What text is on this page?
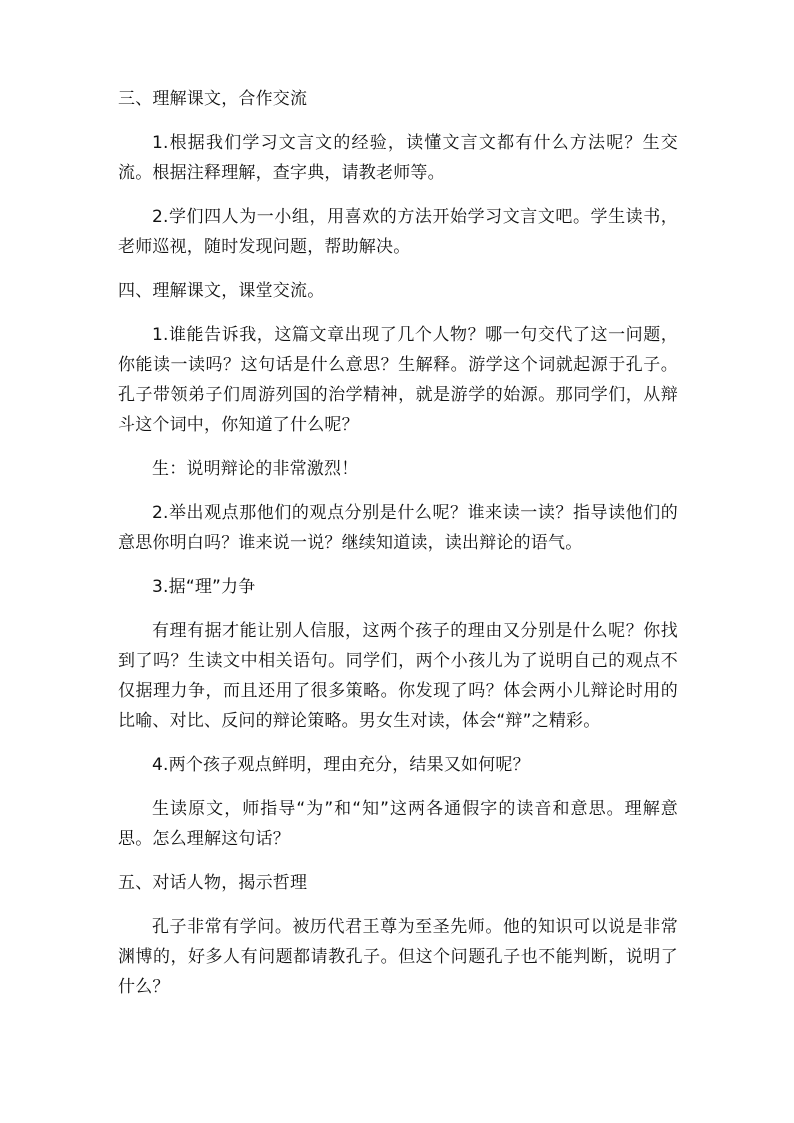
三、理解课文，合作交流

1.根据我们学习文言文的经验，读懂文言文都有什么方法呢？生交流。根据注释理解，查字典，请教老师等。

2.学们四人为一小组，用喜欢的方法开始学习文言文吧。学生读书，老师巡视，随时发现问题，帮助解决。

四、理解课文，课堂交流。

1.谁能告诉我，这篇文章出现了几个人物？哪一句交代了这一问题，你能读一读吗？这句话是什么意思？生解释。游学这个词就起源于孔子。孔子带领弟子们周游列国的治学精神，就是游学的始源。那同学们，从辩斗这个词中，你知道了什么呢？

生：说明辩论的非常激烈！

2.举出观点那他们的观点分别是什么呢？谁来读一读？指导读他们的意思你明白吗？谁来说一说？继续知道读，读出辩论的语气。

3.据“理”力争

有理有据才能让别人信服，这两个孩子的理由又分别是什么呢？你找到了吗？生读文中相关语句。同学们，两个小孩儿为了说明自己的观点不仅据理力争，而且还用了很多策略。你发现了吗？体会两小儿辩论时用的比喻、对比、反问的辩论策略。男女生对读，体会“辩”之精彩。

4.两个孩子观点鲜明，理由充分，结果又如何呢？

生读原文，师指导“为”和“知”这两各通假字的读音和意思。理解意思。怎么理解这句话？

五、对话人物，揭示哲理

孔子非常有学问。被历代君王尊为至圣先师。他的知识可以说是非常渊博的，好多人有问题都请教孔子。但这个问题孔子也不能判断，说明了什么？
